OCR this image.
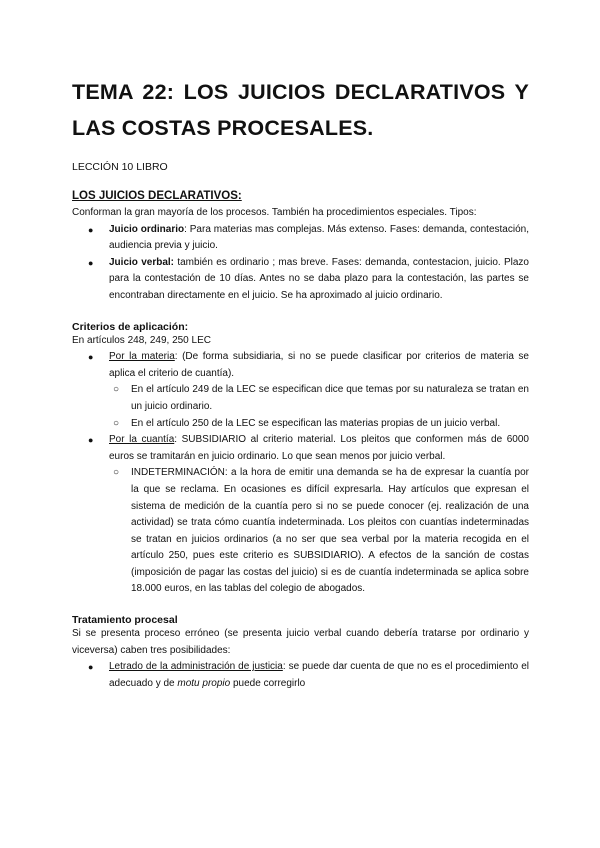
TEMA 22: LOS JUICIOS DECLARATIVOS Y
LAS COSTAS PROCESALES.
LECCIÓN 10 LIBRO
LOS JUICIOS DECLARATIVOS:

Conforman la gran mayoría de los procesos. También ha procedimientos especiales. Tipos:

● Juicio ordinario: Para materias mas complejas. Más extenso. Fases: demanda, contestación, audiencia previa y juicio.
● Juicio verbal: también es ordinario ; mas breve. Fases: demanda, contestacion, juicio. Plazo para la contestación de 10 días. Antes no se daba plazo para la contestación, las partes se encontraban directamente en el juicio. Se ha aproximado al juicio ordinario.
Criterios de aplicación:

En artículos 248, 249, 250 LEC

● Por la materia: (De forma subsidiaria, si no se puede clasificar por criterios de materia se aplica el criterio de cuantía).
○ En el artículo 249 de la LEC se especifican dice que temas por su naturaleza se tratan en un juicio ordinario.
○ En el artículo 250 de la LEC se especifican las materias propias de un juicio verbal.
● Por la cuantía: SUBSIDIARIO al criterio material. Los pleitos que conformen más de 6000 euros se tramitarán en juicio ordinario. Lo que sean menos por juicio verbal.
○ INDETERMINACIÓN: a la hora de emitir una demanda se ha de expresar la cuantía por la que se reclama. En ocasiones es difícil expresarla. Hay artículos que expresan el sistema de medición de la cuantía pero si no se puede conocer (ej. realización de una actividad) se trata cómo cuantía indeterminada. Los pleitos con cuantías indeterminadas se tratan en juicios ordinarios (a no ser que sea verbal por la materia recogida en el artículo 250, pues este criterio es SUBSIDIARIO). A efectos de la sanción de costas (imposición de pagar las costas del juicio) si es de cuantía indeterminada se aplica sobre 18.000 euros, en las tablas del colegio de abogados.
Tratamiento procesal

Si se presenta proceso erróneo (se presenta juicio verbal cuando debería tratarse por ordinario y viceversa) caben tres posibilidades:

● Letrado de la administración de justicia: se puede dar cuenta de que no es el procedimiento el adecuado y de motu propio puede corregirlo
